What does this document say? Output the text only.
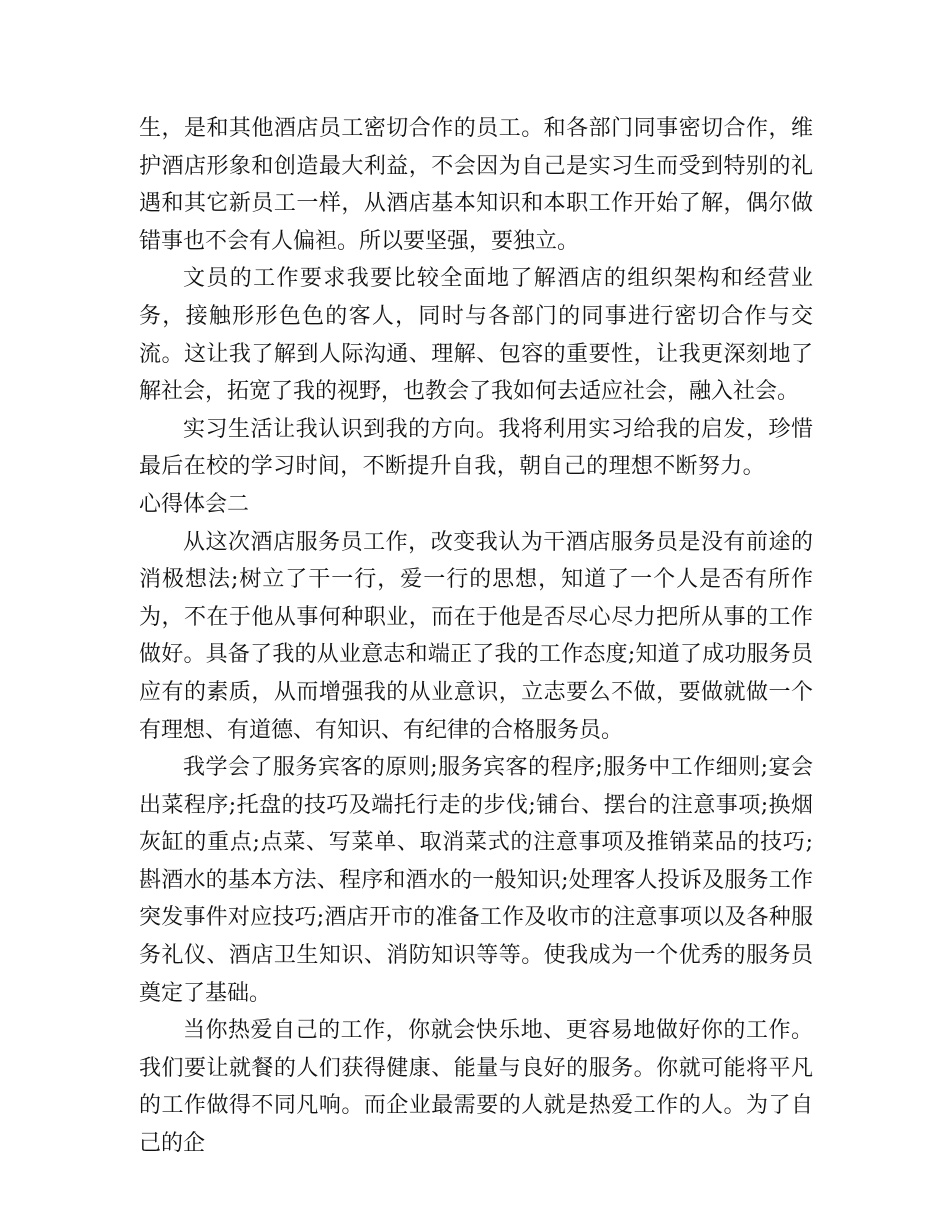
生，是和其他酒店员工密切合作的员工。和各部门同事密切合作，维护酒店形象和创造最大利益，不会因为自己是实习生而受到特别的礼遇和其它新员工一样，从酒店基本知识和本职工作开始了解，偶尔做错事也不会有人偏袒。所以要坚强，要独立。

文员的工作要求我要比较全面地了解酒店的组织架构和经营业务，接触形形色色的客人，同时与各部门的同事进行密切合作与交流。这让我了解到人际沟通、理解、包容的重要性，让我更深刻地了解社会，拓宽了我的视野，也教会了我如何去适应社会，融入社会。

实习生活让我认识到我的方向。我将利用实习给我的启发，珍惜最后在校的学习时间，不断提升自我，朝自己的理想不断努力。心得体会二

从这次酒店服务员工作，改变我认为干酒店服务员是没有前途的消极想法;树立了干一行，爱一行的思想，知道了一个人是否有所作为，不在于他从事何种职业，而在于他是否尽心尽力把所从事的工作做好。具备了我的从业意志和端正了我的工作态度;知道了成功服务员应有的素质，从而增强我的从业意识，立志要么不做，要做就做一个有理想、有道德、有知识、有纪律的合格服务员。

我学会了服务宾客的原则;服务宾客的程序;服务中工作细则;宴会出菜程序;托盘的技巧及端托行走的步伐;铺台、摆台的注意事项;换烟灰缸的重点;点菜、写菜单、取消菜式的注意事项及推销菜品的技巧;斟酒水的基本方法、程序和酒水的一般知识;处理客人投诉及服务工作突发事件对应技巧;酒店开市的准备工作及收市的注意事项以及各种服务礼仪、酒店卫生知识、消防知识等等。使我成为一个优秀的服务员奠定了基础。

当你热爱自己的工作，你就会快乐地、更容易地做好你的工作。我们要让就餐的人们获得健康、能量与良好的服务。你就可能将平凡的工作做得不同凡响。而企业最需要的人就是热爱工作的人。为了自己的企
